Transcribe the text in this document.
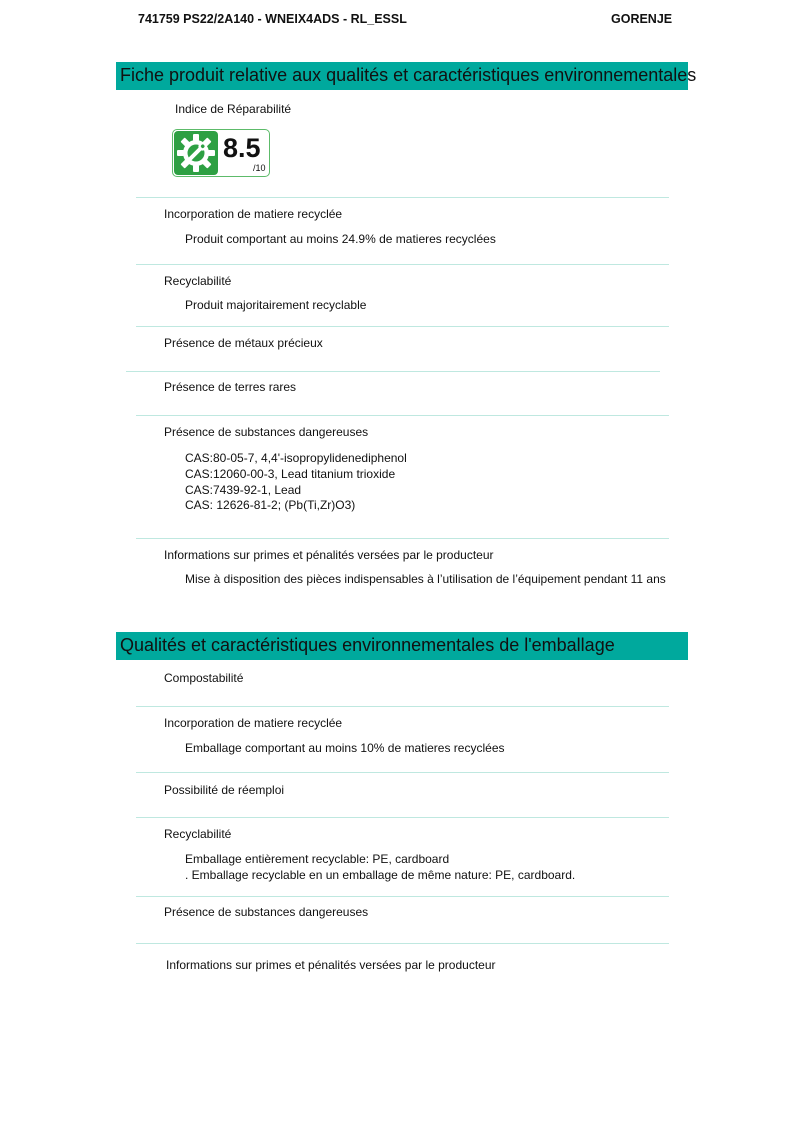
741759 PS22/2A140 - WNEIX4ADS - RL_ESSL	GORENJE
Fiche produit relative aux qualités et caractéristiques environnementales
Indice de Réparabilité
8.5
/10
Incorporation de matiere recyclée
Produit comportant au moins 24.9% de matieres recyclées
Recyclabilité
Produit majoritairement recyclable
Présence de métaux précieux
Présence de terres rares
Présence de substances dangereuses
CAS:80-05-7, 4,4'-isopropylidenediphenol
CAS:12060-00-3, Lead titanium trioxide
CAS:7439-92-1, Lead
CAS: 12626-81-2; (Pb(Ti,Zr)O3)
Informations sur primes et pénalités versées par le producteur
Mise à disposition des pièces indispensables à l’utilisation de l’équipement pendant 11 ans
Qualités et caractéristiques environnementales de l'emballage
Compostabilité
Incorporation de matiere recyclée
Emballage comportant au moins 10% de matieres recyclées
Possibilité de réemploi
Recyclabilité
Emballage entièrement recyclable: PE, cardboard
. Emballage recyclable en un emballage de même nature: PE, cardboard.
Présence de substances dangereuses
Informations sur primes et pénalités versées par le producteur
